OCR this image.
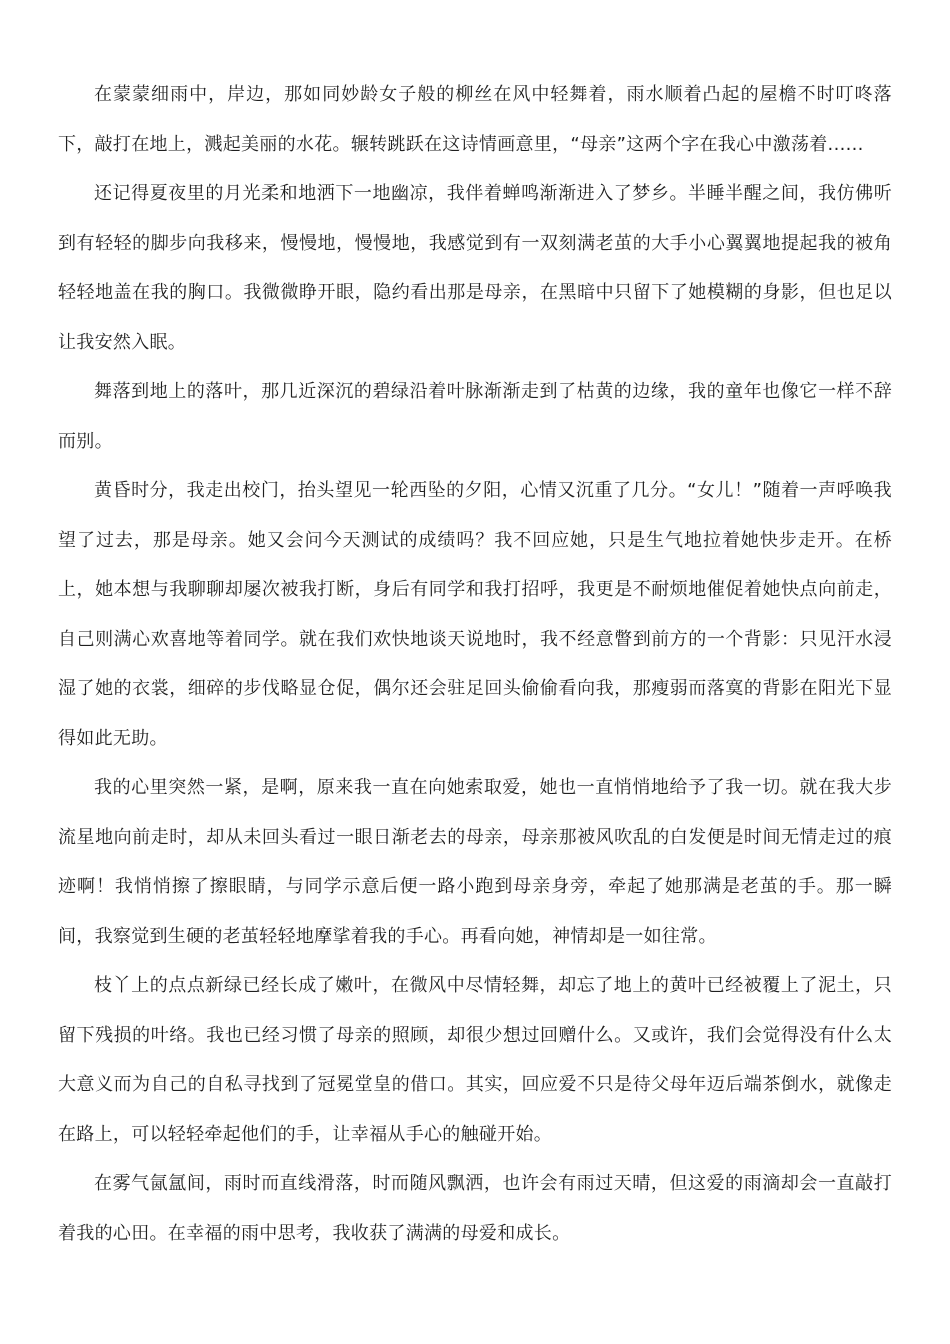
在蒙蒙细雨中，岸边，那如同妙龄女子般的柳丝在风中轻舞着，雨水顺着凸起的屋檐不时叮咚落下，敲打在地上，溅起美丽的水花。辗转跳跃在这诗情画意里，“母亲”这两个字在我心中激荡着......

还记得夏夜里的月光柔和地洒下一地幽凉，我伴着蝉鸣渐渐进入了梦乡。半睡半醒之间，我仿佛听到有轻轻的脚步向我移来，慢慢地，慢慢地，我感觉到有一双刻满老茧的大手小心翼翼地提起我的被角轻轻地盖在我的胸口。我微微睁开眼，隐约看出那是母亲，在黑暗中只留下了她模糊的身影，但也足以让我安然入眠。

舞落到地上的落叶，那几近深沉的碧绿沿着叶脉渐渐走到了枯黄的边缘，我的童年也像它一样不辞而别。

黄昏时分，我走出校门，抬头望见一轮西坠的夕阳，心情又沉重了几分。“女儿！”随着一声呼唤我望了过去，那是母亲。她又会问今天测试的成绩吗？我不回应她，只是生气地拉着她快步走开。在桥上，她本想与我聊聊却屡次被我打断，身后有同学和我打招呼，我更是不耐烦地催促着她快点向前走，自己则满心欢喜地等着同学。就在我们欢快地谈天说地时，我不经意瞥到前方的一个背影：只见汗水浸湿了她的衣裳，细碎的步伐略显仓促，偶尔还会驻足回头偷偷看向我，那瘦弱而落寞的背影在阳光下显得如此无助。

我的心里突然一紧，是啊，原来我一直在向她索取爱，她也一直悄悄地给予了我一切。就在我大步流星地向前走时，却从未回头看过一眼日渐老去的母亲，母亲那被风吹乱的白发便是时间无情走过的痕迹啊！我悄悄擦了擦眼睛，与同学示意后便一路小跑到母亲身旁，牵起了她那满是老茧的手。那一瞬间，我察觉到生硬的老茧轻轻地摩挲着我的手心。再看向她，神情却是一如往常。

枝丫上的点点新绿已经长成了嫩叶，在微风中尽情轻舞，却忘了地上的黄叶已经被覆上了泥土，只留下残损的叶络。我也已经习惯了母亲的照顾，却很少想过回赠什么。又或许，我们会觉得没有什么太大意义而为自己的自私寻找到了冠冕堂皇的借口。其实，回应爱不只是待父母年迈后端茶倒水，就像走在路上，可以轻轻牵起他们的手，让幸福从手心的触碰开始。

在雾气氤氲间，雨时而直线滑落，时而随风飘洒，也许会有雨过天晴，但这爱的雨滴却会一直敲打着我的心田。在幸福的雨中思考，我收获了满满的母爱和成长。
